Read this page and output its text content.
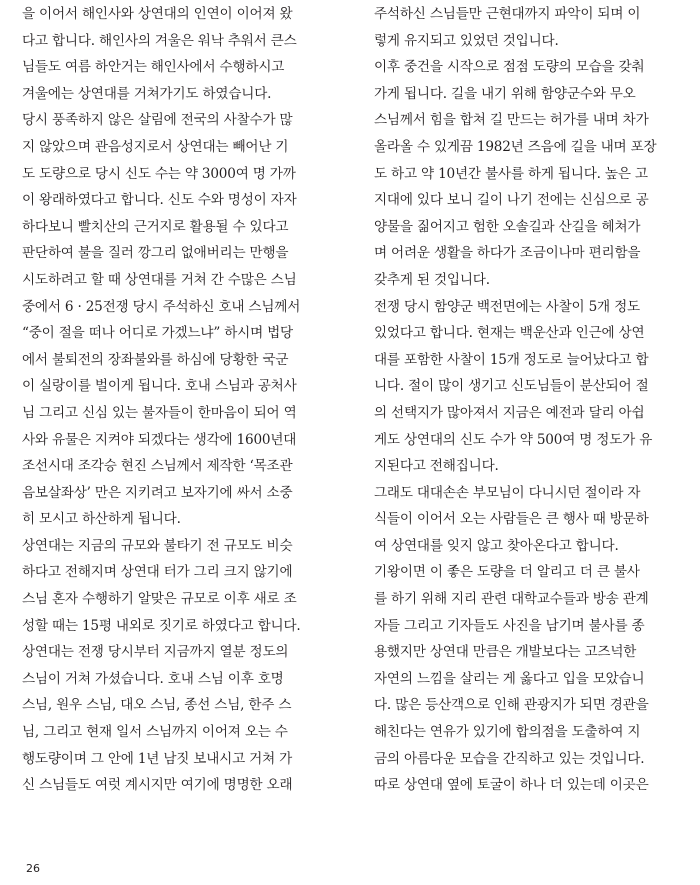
을 이어서 해인사와 상연대의 인연이 이어져 왔
다고 합니다. 해인사의 겨울은 워낙 추워서 큰스
님들도 여름 하안거는 해인사에서 수행하시고
겨울에는 상연대를 거쳐가기도 하였습니다.
당시 풍족하지 않은 살림에 전국의 사찰수가 많
지 않았으며 관음성지로서 상연대는 빼어난 기
도 도량으로 당시 신도 수는 약 3000여 명 가까
이 왕래하였다고 합니다. 신도 수와 명성이 자자
하다보니 빨치산의 근거지로 활용될 수 있다고
판단하여 불을 질러 깡그리 없애버리는 만행을
시도하려고 할 때 상연대를 거쳐 간 수많은 스님
중에서 6 · 25전쟁 당시 주석하신 호내 스님께서
“중이 절을 떠나 어디로 가겠느냐” 하시며 법당
에서 불퇴전의 장좌불와를 하심에 당황한 국군
이 실랑이를 벌이게 됩니다. 호내 스님과 공처사
님 그리고 신심 있는 불자들이 한마음이 되어 역
사와 유물은 지켜야 되겠다는 생각에 1600년대
조선시대 조각승 현진 스님께서 제작한 ‘목조관
음보살좌상’ 만은 지키려고 보자기에 싸서 소중
히 모시고 하산하게 됩니다.
상연대는 지금의 규모와 불타기 전 규모도 비슷
하다고 전해지며 상연대 터가 그리 크지 않기에
스님 혼자 수행하기 알맞은 규모로 이후 새로 조
성할 때는 15평 내외로 짓기로 하였다고 합니다.
상연대는 전쟁 당시부터 지금까지 열분 정도의
스님이 거쳐 가셨습니다. 호내 스님 이후 호명
스님, 원우 스님, 대오 스님, 종선 스님, 한주 스
님, 그리고 현재 일서 스님까지 이어져 오는 수
행도량이며 그 안에 1년 남짓 보내시고 거쳐 가
신 스님들도 여럿 계시지만 여기에 명명한 오래
주석하신 스님들만 근현대까지 파악이 되며 이
렇게 유지되고 있었던 것입니다.
이후 중건을 시작으로 점점 도량의 모습을 갖춰
가게 됩니다. 길을 내기 위해 함양군수와 무오
스님께서 힘을 합쳐 길 만드는 허가를 내며 차가
올라올 수 있게끔 1982년 즈음에 길을 내며 포장
도 하고 약 10년간 불사를 하게 됩니다. 높은 고
지대에 있다 보니 길이 나기 전에는 신심으로 공
양물을 짊어지고 험한 오솔길과 산길을 헤쳐가
며 어려운 생활을 하다가 조금이나마 편리함을
갖추게 된 것입니다.
전쟁 당시 함양군 백전면에는 사찰이 5개 정도
있었다고 합니다. 현재는 백운산과 인근에 상연
대를 포함한 사찰이 15개 정도로 늘어났다고 합
니다. 절이 많이 생기고 신도님들이 분산되어 절
의 선택지가 많아져서 지금은 예전과 달리 아쉽
게도 상연대의 신도 수가 약 500여 명 정도가 유
지된다고 전해집니다.
그래도 대대손손 부모님이 다니시던 절이라 자
식들이 이어서 오는 사람들은 큰 행사 때 방문하
여 상연대를 잊지 않고 찾아온다고 합니다.
기왕이면 이 좋은 도량을 더 알리고 더 큰 불사
를 하기 위해 지리 관련 대학교수들과 방송 관계
자들 그리고 기자들도 사진을 남기며 불사를 종
용했지만 상연대 만큼은 개발보다는 고즈넉한
자연의 느낌을 살리는 게 옳다고 입을 모았습니
다. 많은 등산객으로 인해 관광지가 되면 경관을
해친다는 연유가 있기에 합의점을 도출하여 지
금의 아름다운 모습을 간직하고 있는 것입니다.
따로 상연대 옆에 토굴이 하나 더 있는데 이곳은
26
